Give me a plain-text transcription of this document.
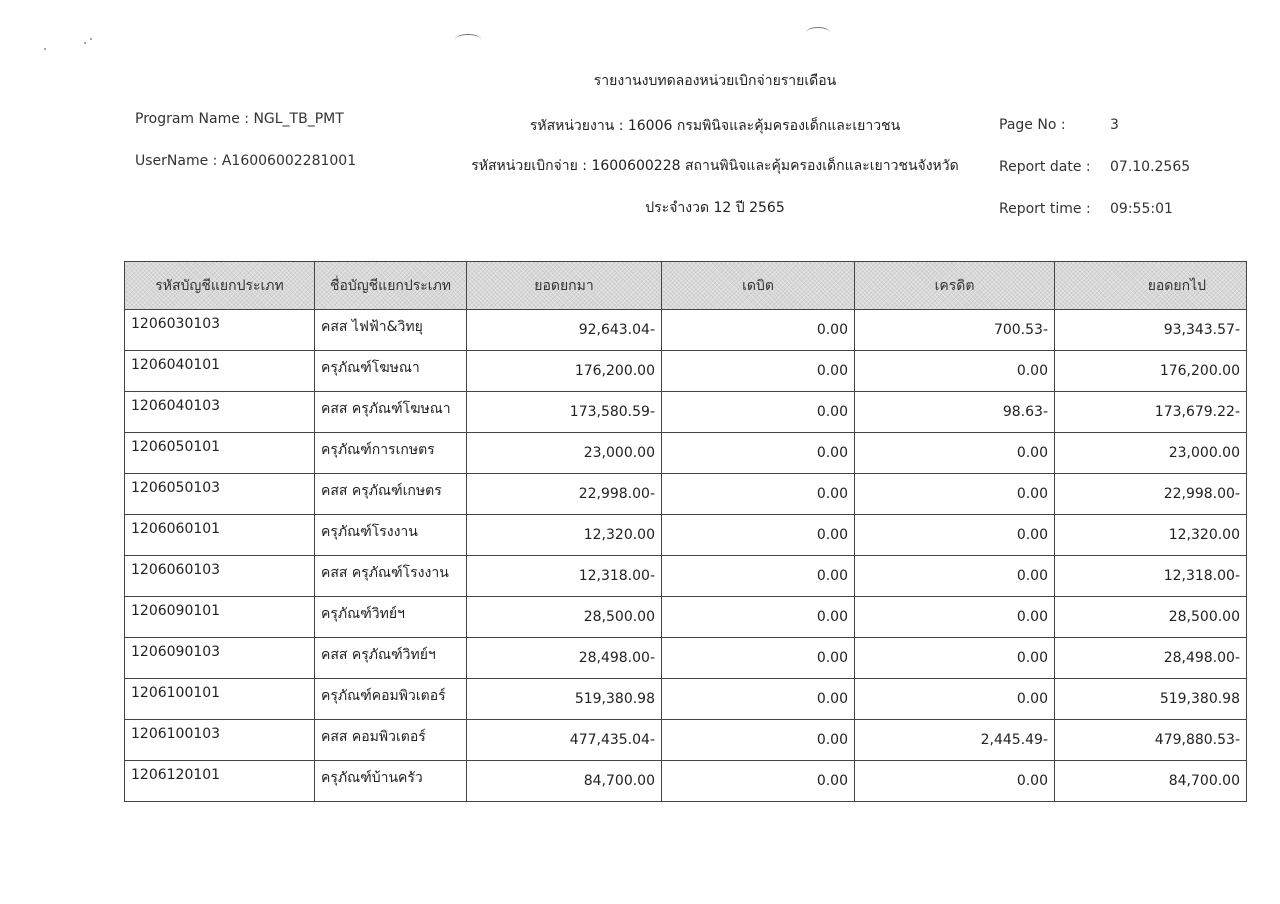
รายงานงบทดลองหน่วยเบิกจ่ายรายเดือน
Program Name : NGL_TB_PMT
UserName : A16006002281001
รหัสหน่วยงาน : 16006 กรมพินิจและคุ้มครองเด็กและเยาวชน
รหัสหน่วยเบิกจ่าย : 1600600228 สถานพินิจและคุ้มครองเด็กและเยาวชนจังหวัด
ประจำงวด 12 ปี 2565
Page No :	3
Report date : 07.10.2565
Report time : 09:55:01
รหัสบัญชีแยกประเภท	ชื่อบัญชีแยกประเภท	ยอดยกมา	เดบิต	เครดิต	ยอดยกไป
1206030103	คสส ไฟฟ้า&วิทยุ	92,643.04-	0.00	700.53-	93,343.57-
1206040101	ครุภัณฑ์โฆษณา	176,200.00	0.00	0.00	176,200.00
1206040103	คสส ครุภัณฑ์โฆษณา	173,580.59-	0.00	98.63-	173,679.22-
1206050101	ครุภัณฑ์การเกษตร	23,000.00	0.00	0.00	23,000.00
1206050103	คสส ครุภัณฑ์เกษตร	22,998.00-	0.00	0.00	22,998.00-
1206060101	ครุภัณฑ์โรงงาน	12,320.00	0.00	0.00	12,320.00
1206060103	คสส ครุภัณฑ์โรงงาน	12,318.00-	0.00	0.00	12,318.00-
1206090101	ครุภัณฑ์วิทย์ฯ	28,500.00	0.00	0.00	28,500.00
1206090103	คสส ครุภัณฑ์วิทย์ฯ	28,498.00-	0.00	0.00	28,498.00-
1206100101	ครุภัณฑ์คอมพิวเตอร์	519,380.98	0.00	0.00	519,380.98
1206100103	คสส คอมพิวเตอร์	477,435.04-	0.00	2,445.49-	479,880.53-
1206120101	ครุภัณฑ์บ้านครัว	84,700.00	0.00	0.00	84,700.00
